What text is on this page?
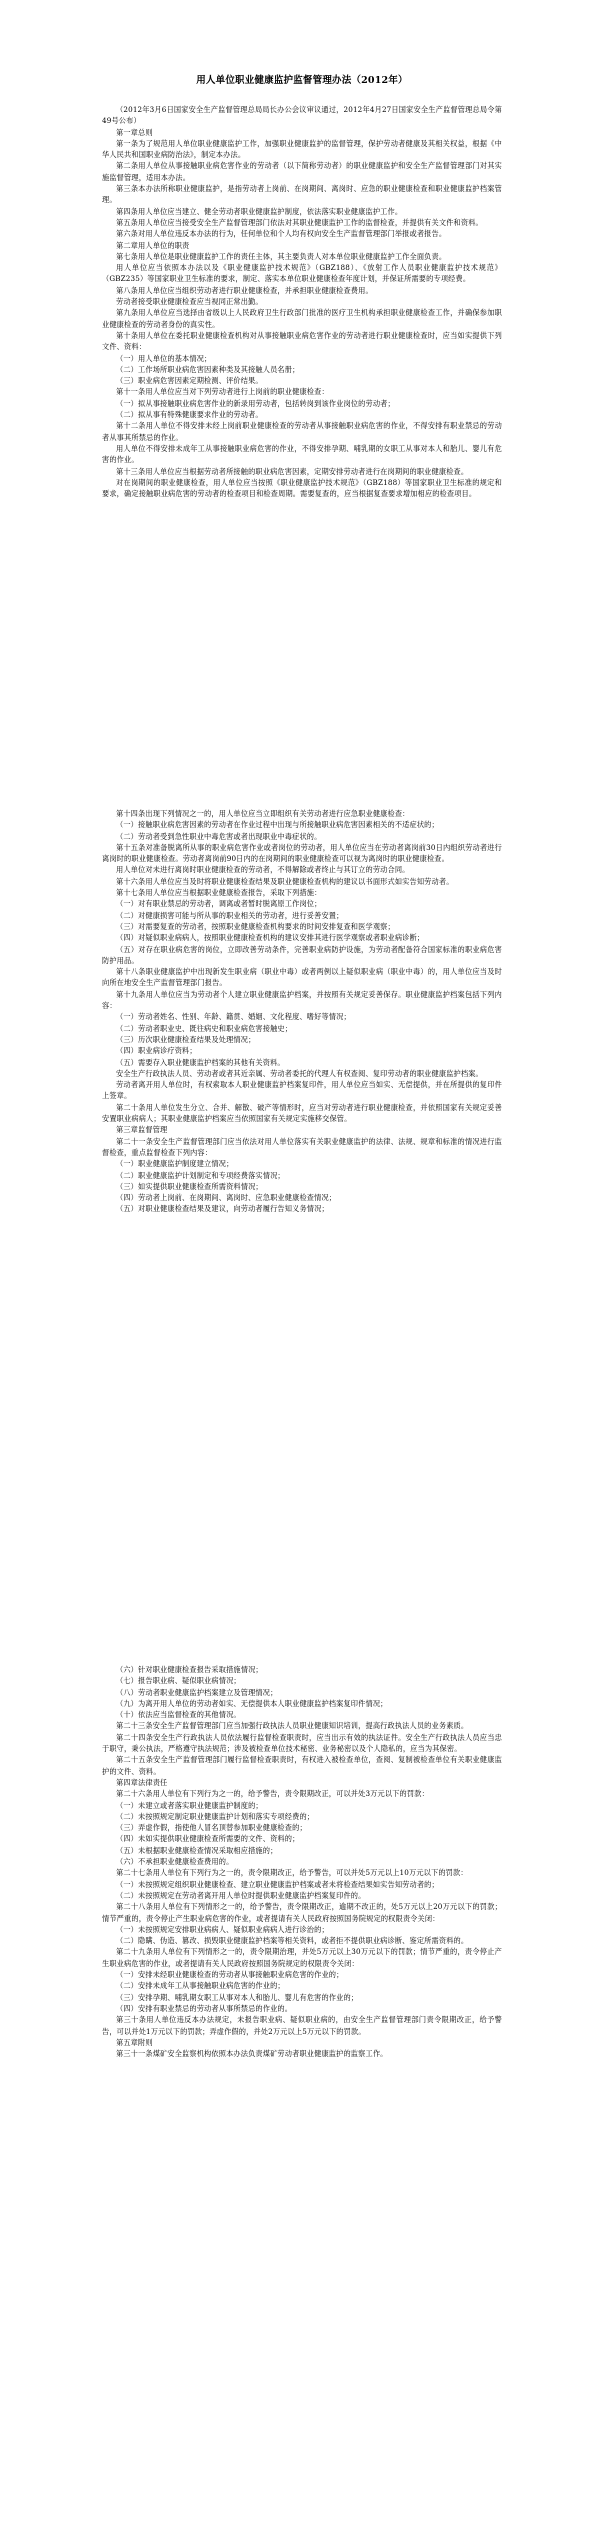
用人单位职业健康监护监督管理办法（2012年）
（2012年3月6日国家安全生产监督管理总局局长办公会议审议通过，2012年4月27日国家安全生产监督管理总局令第49号公布）
第一章总则
第一条为了规范用人单位职业健康监护工作，加强职业健康监护的监督管理，保护劳动者健康及其相关权益，根据《中华人民共和国职业病防治法》，制定本办法。
第二条用人单位从事接触职业病危害作业的劳动者（以下简称劳动者）的职业健康监护和安全生产监督管理部门对其实施监督管理，适用本办法。
第三条本办法所称职业健康监护，是指劳动者上岗前、在岗期间、离岗时、应急的职业健康检查和职业健康监护档案管理。
第四条用人单位应当建立、健全劳动者职业健康监护制度，依法落实职业健康监护工作。
第五条用人单位应当接受安全生产监督管理部门依法对其职业健康监护工作的监督检查，并提供有关文件和资料。
第六条对用人单位违反本办法的行为，任何单位和个人均有权向安全生产监督管理部门举报或者报告。
第二章用人单位的职责
第七条用人单位是职业健康监护工作的责任主体，其主要负责人对本单位职业健康监护工作全面负责。
用人单位应当依照本办法以及《职业健康监护技术规范》（GBZ188）、《放射工作人员职业健康监护技术规范》（GBZ235）等国家职业卫生标准的要求，制定、落实本单位职业健康检查年度计划，并保证所需要的专项经费。
第八条用人单位应当组织劳动者进行职业健康检查，并承担职业健康检查费用。
劳动者接受职业健康检查应当视同正常出勤。
第九条用人单位应当选择由省级以上人民政府卫生行政部门批准的医疗卫生机构承担职业健康检查工作，并确保参加职业健康检查的劳动者身份的真实性。
第十条用人单位在委托职业健康检查机构对从事接触职业病危害作业的劳动者进行职业健康检查时，应当如实提供下列文件、资料：
（一）用人单位的基本情况；
（二）工作场所职业病危害因素种类及其接触人员名册；
（三）职业病危害因素定期检测、评价结果。
第十一条用人单位应当对下列劳动者进行上岗前的职业健康检查：
（一）拟从事接触职业病危害作业的新录用劳动者，包括转岗到该作业岗位的劳动者；
（二）拟从事有特殊健康要求作业的劳动者。
第十二条用人单位不得安排未经上岗前职业健康检查的劳动者从事接触职业病危害的作业，不得安排有职业禁忌的劳动者从事其所禁忌的作业。
用人单位不得安排未成年工从事接触职业病危害的作业，不得安排孕期、哺乳期的女职工从事对本人和胎儿、婴儿有危害的作业。
第十三条用人单位应当根据劳动者所接触的职业病危害因素，定期安排劳动者进行在岗期间的职业健康检查。
对在岗期间的职业健康检查，用人单位应当按照《职业健康监护技术规范》（GBZ188）等国家职业卫生标准的规定和要求，确定接触职业病危害的劳动者的检查项目和检查周期。需要复查的，应当根据复查要求增加相应的检查项目。
第十四条出现下列情况之一的，用人单位应当立即组织有关劳动者进行应急职业健康检查：
（一）接触职业病危害因素的劳动者在作业过程中出现与所接触职业病危害因素相关的不适症状的；
（二）劳动者受到急性职业中毒危害或者出现职业中毒症状的。
第十五条对准备脱离所从事的职业病危害作业或者岗位的劳动者，用人单位应当在劳动者离岗前30日内组织劳动者进行离岗时的职业健康检查。劳动者离岗前90日内的在岗期间的职业健康检查可以视为离岗时的职业健康检查。
用人单位对未进行离岗时职业健康检查的劳动者，不得解除或者终止与其订立的劳动合同。
第十六条用人单位应当及时将职业健康检查结果及职业健康检查机构的建议以书面形式如实告知劳动者。
第十七条用人单位应当根据职业健康检查报告，采取下列措施：
（一）对有职业禁忌的劳动者，调离或者暂时脱离原工作岗位；
（二）对健康损害可能与所从事的职业相关的劳动者，进行妥善安置；
（三）对需要复查的劳动者，按照职业健康检查机构要求的时间安排复查和医学观察；
（四）对疑似职业病病人，按照职业健康检查机构的建议安排其进行医学观察或者职业病诊断；
（五）对存在职业病危害的岗位，立即改善劳动条件，完善职业病防护设施，为劳动者配备符合国家标准的职业病危害防护用品。
第十八条职业健康监护中出现新发生职业病（职业中毒）或者两例以上疑似职业病（职业中毒）的，用人单位应当及时向所在地安全生产监督管理部门报告。
第十九条用人单位应当为劳动者个人建立职业健康监护档案，并按照有关规定妥善保存。职业健康监护档案包括下列内容：
（一）劳动者姓名、性别、年龄、籍贯、婚姻、文化程度、嗜好等情况；
（二）劳动者职业史、既往病史和职业病危害接触史；
（三）历次职业健康检查结果及处理情况；
（四）职业病诊疗资料；
（五）需要存入职业健康监护档案的其他有关资料。
安全生产行政执法人员、劳动者或者其近亲属、劳动者委托的代理人有权查阅、复印劳动者的职业健康监护档案。
劳动者离开用人单位时，有权索取本人职业健康监护档案复印件，用人单位应当如实、无偿提供，并在所提供的复印件上签章。
第二十条用人单位发生分立、合并、解散、破产等情形时，应当对劳动者进行职业健康检查，并依照国家有关规定妥善安置职业病病人；其职业健康监护档案应当依照国家有关规定实施移交保管。
第三章监督管理
第二十一条安全生产监督管理部门应当依法对用人单位落实有关职业健康监护的法律、法规、规章和标准的情况进行监督检查，重点监督检查下列内容：
（一）职业健康监护制度建立情况；
（二）职业健康监护计划制定和专项经费落实情况；
（三）如实提供职业健康检查所需资料情况；
（四）劳动者上岗前、在岗期间、离岗时、应急职业健康检查情况；
（五）对职业健康检查结果及建议，向劳动者履行告知义务情况；
（六）针对职业健康检查报告采取措施情况；
（七）报告职业病、疑似职业病情况；
（八）劳动者职业健康监护档案建立及管理情况；
（九）为离开用人单位的劳动者如实、无偿提供本人职业健康监护档案复印件情况；
（十）依法应当监督检查的其他情况。
第二十三条安全生产监督管理部门应当加强行政执法人员职业健康知识培训，提高行政执法人员的业务素质。
第二十四条安全生产行政执法人员依法履行监督检查职责时，应当出示有效的执法证件。安全生产行政执法人员应当忠于职守，秉公执法，严格遵守执法规范；涉及被检查单位技术秘密、业务秘密以及个人隐私的，应当为其保密。
第二十五条安全生产监督管理部门履行监督检查职责时，有权进入被检查单位，查阅、复制被检查单位有关职业健康监护的文件、资料。
第四章法律责任
第二十六条用人单位有下列行为之一的，给予警告，责令限期改正，可以并处3万元以下的罚款：
（一）未建立或者落实职业健康监护制度的；
（二）未按照规定制定职业健康监护计划和落实专项经费的；
（三）弄虚作假，指使他人冒名顶替参加职业健康检查的；
（四）未如实提供职业健康检查所需要的文件、资料的；
（五）未根据职业健康检查情况采取相应措施的；
（六）不承担职业健康检查费用的。
第二十七条用人单位有下列行为之一的，责令限期改正，给予警告，可以并处5万元以上10万元以下的罚款：
（一）未按照规定组织职业健康检查、建立职业健康监护档案或者未将检查结果如实告知劳动者的；
（二）未按照规定在劳动者离开用人单位时提供职业健康监护档案复印件的。
第二十八条用人单位有下列情形之一的，给予警告，责令限期改正，逾期不改正的，处5万元以上20万元以下的罚款；情节严重的，责令停止产生职业病危害的作业，或者提请有关人民政府按照国务院规定的权限责令关闭：
（一）未按照规定安排职业病病人、疑似职业病病人进行诊治的；
（二）隐瞒、伪造、篡改、损毁职业健康监护档案等相关资料，或者拒不提供职业病诊断、鉴定所需资料的。
第二十九条用人单位有下列情形之一的，责令限期治理，并处5万元以上30万元以下的罚款；情节严重的，责令停止产生职业病危害的作业，或者提请有关人民政府按照国务院规定的权限责令关闭：
（一）安排未经职业健康检查的劳动者从事接触职业病危害的作业的；
（二）安排未成年工从事接触职业病危害的作业的；
（三）安排孕期、哺乳期女职工从事对本人和胎儿、婴儿有危害的作业的；
（四）安排有职业禁忌的劳动者从事所禁忌的作业的。
第三十条用人单位违反本办法规定，未报告职业病、疑似职业病的，由安全生产监督管理部门责令限期改正，给予警告，可以并处1万元以下的罚款；弄虚作假的，并处2万元以上5万元以下的罚款。
第五章附则
第三十一条煤矿安全监察机构依照本办法负责煤矿劳动者职业健康监护的监察工作。
